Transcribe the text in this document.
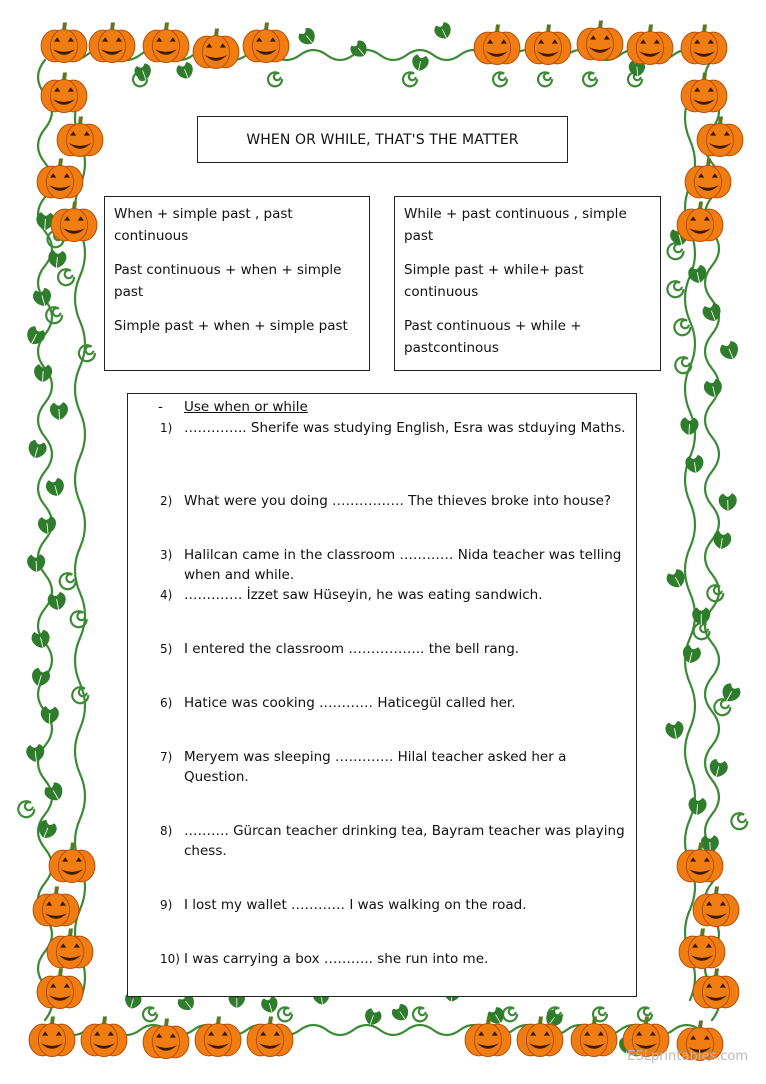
WHEN OR WHILE, THAT'S THE MATTER

When + simple past , past continuous

Past continuous + when + simple past

Simple past + when + simple past

While + past continuous , simple past

Simple past + while+ past continuous

Past continuous + while + pastcontinous

- Use when or while
1) ………….. Sherife was studying English, Esra was stduying Maths.
2) What were you doing ……………. The thieves broke into house?
3) Halilcan came in the classroom ………… Nida teacher was telling when and while.
4) …………. İzzet saw Hüseyin, he was eating sandwich.
5) I entered the classroom …………….. the bell rang.
6) Hatice was cooking ………… Haticegül called her.
7) Meryem was sleeping …………. Hilal teacher asked her a Question.
8) ………. Gürcan teacher drinking tea, Bayram teacher was playing chess.
9) I lost my wallet ………… I was walking on the road.
10) I was carrying a box ……….. she run into me.
ESLprintables.com
